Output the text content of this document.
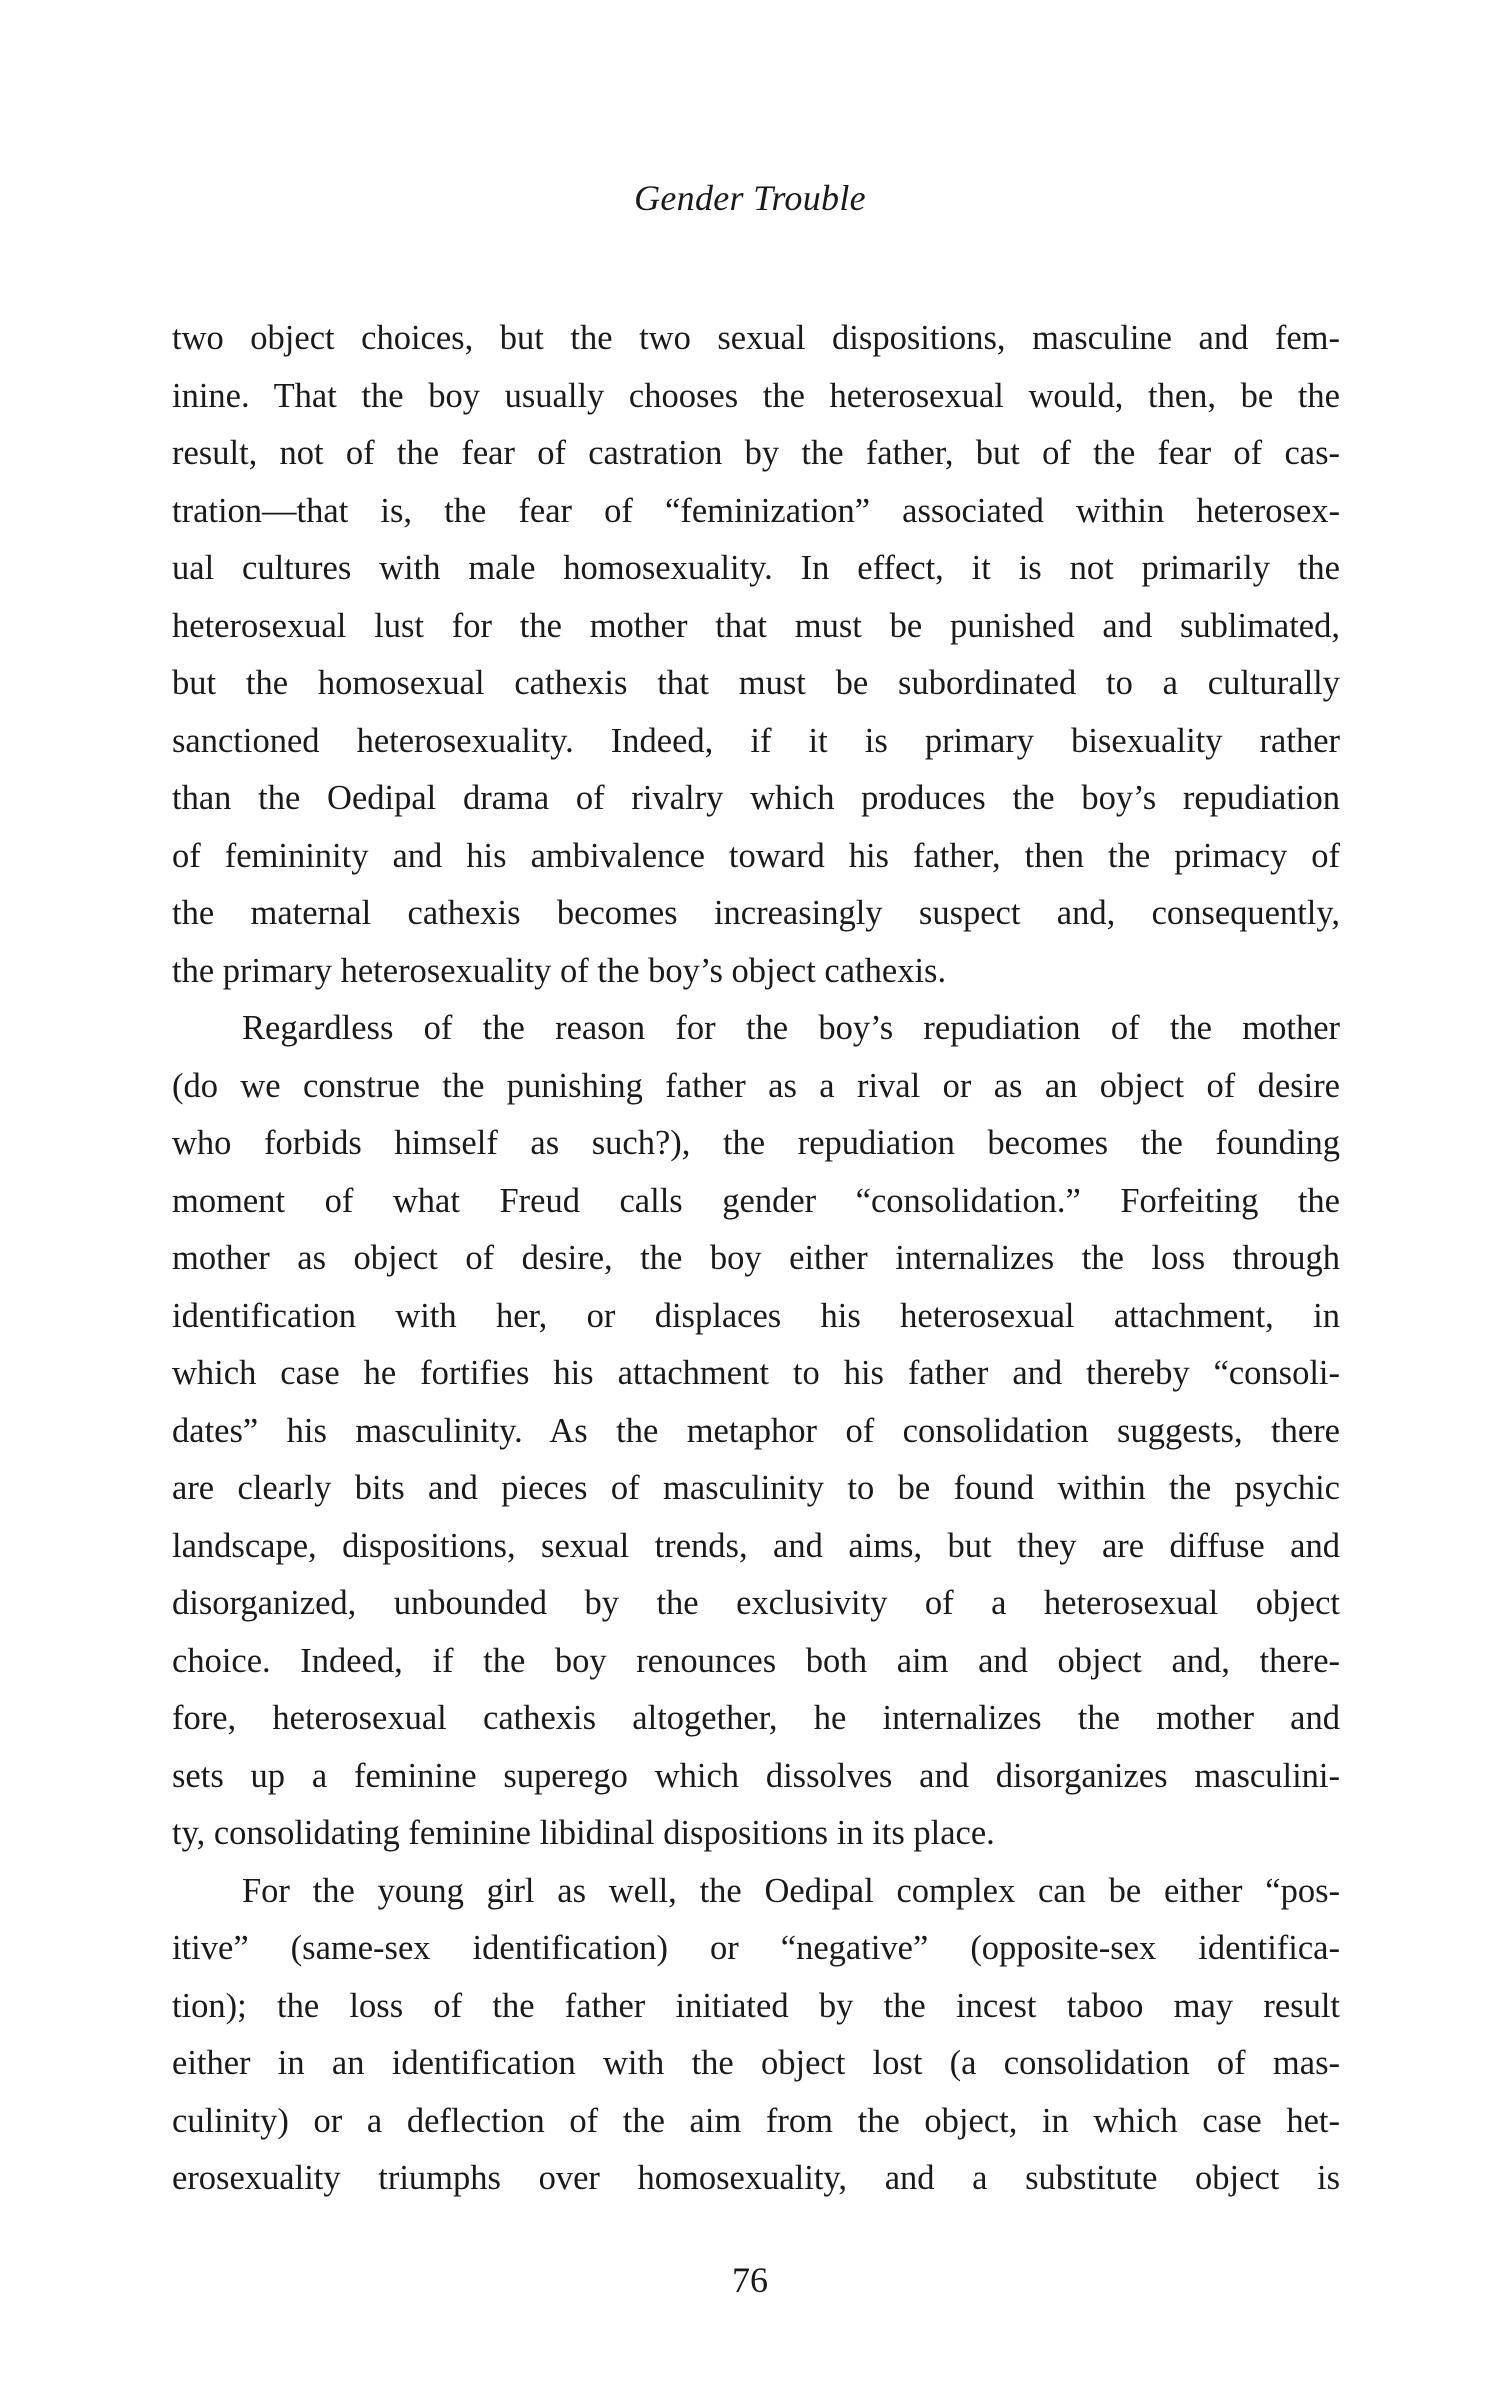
Gender Trouble
two object choices, but the two sexual dispositions, masculine and fem-
inine. That the boy usually chooses the heterosexual would, then, be the
result, not of the fear of castration by the father, but of the fear of cas-
tration—that is, the fear of “feminization” associated within heterosex-
ual cultures with male homosexuality. In effect, it is not primarily the
heterosexual lust for the mother that must be punished and sublimated,
but the homosexual cathexis that must be subordinated to a culturally
sanctioned heterosexuality. Indeed, if it is primary bisexuality rather
than the Oedipal drama of rivalry which produces the boy’s repudiation
of femininity and his ambivalence toward his father, then the primacy of
the maternal cathexis becomes increasingly suspect and, consequently,
the primary heterosexuality of the boy’s object cathexis.
Regardless of the reason for the boy’s repudiation of the mother
(do we construe the punishing father as a rival or as an object of desire
who forbids himself as such?), the repudiation becomes the founding
moment of what Freud calls gender “consolidation.” Forfeiting the
mother as object of desire, the boy either internalizes the loss through
identification with her, or displaces his heterosexual attachment, in
which case he fortifies his attachment to his father and thereby “consoli-
dates” his masculinity. As the metaphor of consolidation suggests, there
are clearly bits and pieces of masculinity to be found within the psychic
landscape, dispositions, sexual trends, and aims, but they are diffuse and
disorganized, unbounded by the exclusivity of a heterosexual object
choice. Indeed, if the boy renounces both aim and object and, there-
fore, heterosexual cathexis altogether, he internalizes the mother and
sets up a feminine superego which dissolves and disorganizes masculini-
ty, consolidating feminine libidinal dispositions in its place.
For the young girl as well, the Oedipal complex can be either “pos-
itive” (same-sex identification) or “negative” (opposite-sex identifica-
tion); the loss of the father initiated by the incest taboo may result
either in an identification with the object lost (a consolidation of mas-
culinity) or a deflection of the aim from the object, in which case het-
erosexuality triumphs over homosexuality, and a substitute object is
76
